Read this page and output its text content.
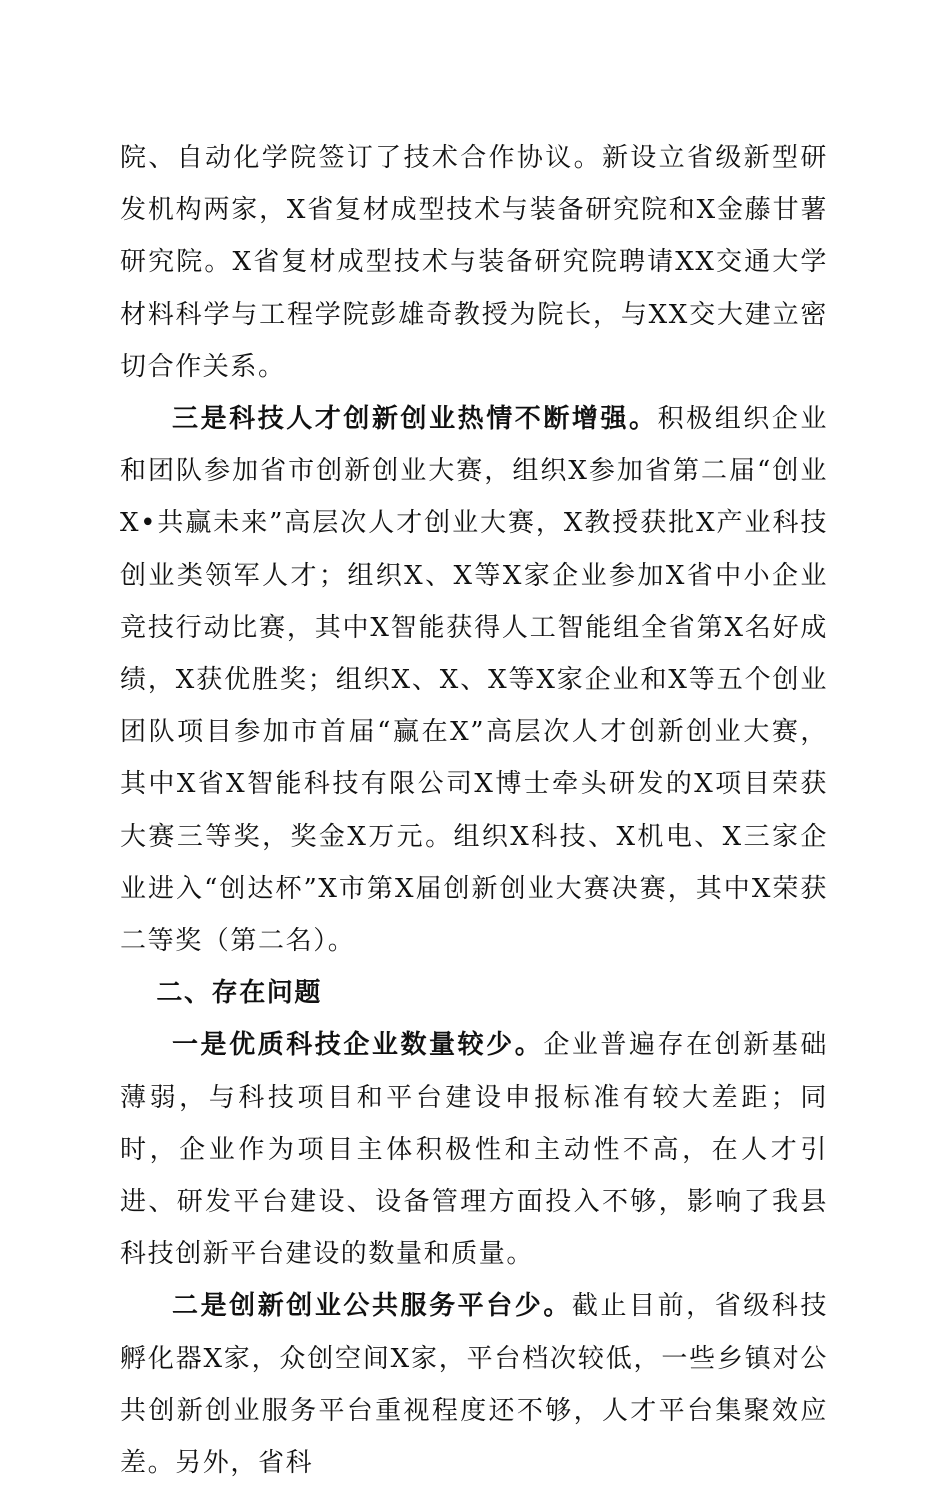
院、自动化学院签订了技术合作协议。新设立省级新型研发机构两家，X省复材成型技术与装备研究院和X金藤甘薯研究院。X省复材成型技术与装备研究院聘请XX交通大学材料科学与工程学院彭雄奇教授为院长，与XX交大建立密切合作关系。

三是科技人才创新创业热情不断增强。积极组织企业和团队参加省市创新创业大赛，组织X参加省第二届“创业X•共赢未来”高层次人才创业大赛，X教授获批X产业科技创业类领军人才；组织X、X等X家企业参加X省中小企业竞技行动比赛，其中X智能获得人工智能组全省第X名好成绩，X获优胜奖；组织X、X、X等X家企业和X等五个创业团队项目参加市首届“赢在X”高层次人才创新创业大赛，其中X省X智能科技有限公司X博士牵头研发的X项目荣获大赛三等奖，奖金X万元。组织X科技、X机电、X三家企业进入“创达杯”X市第X届创新创业大赛决赛，其中X荣获二等奖（第二名）。

二、存在问题

一是优质科技企业数量较少。企业普遍存在创新基础薄弱，与科技项目和平台建设申报标准有较大差距；同时，企业作为项目主体积极性和主动性不高，在人才引进、研发平台建设、设备管理方面投入不够，影响了我县科技创新平台建设的数量和质量。

二是创新创业公共服务平台少。截止目前，省级科技孵化器X家，众创空间X家，平台档次较低，一些乡镇对公共创新创业服务平台重视程度还不够，人才平台集聚效应差。另外，省科
